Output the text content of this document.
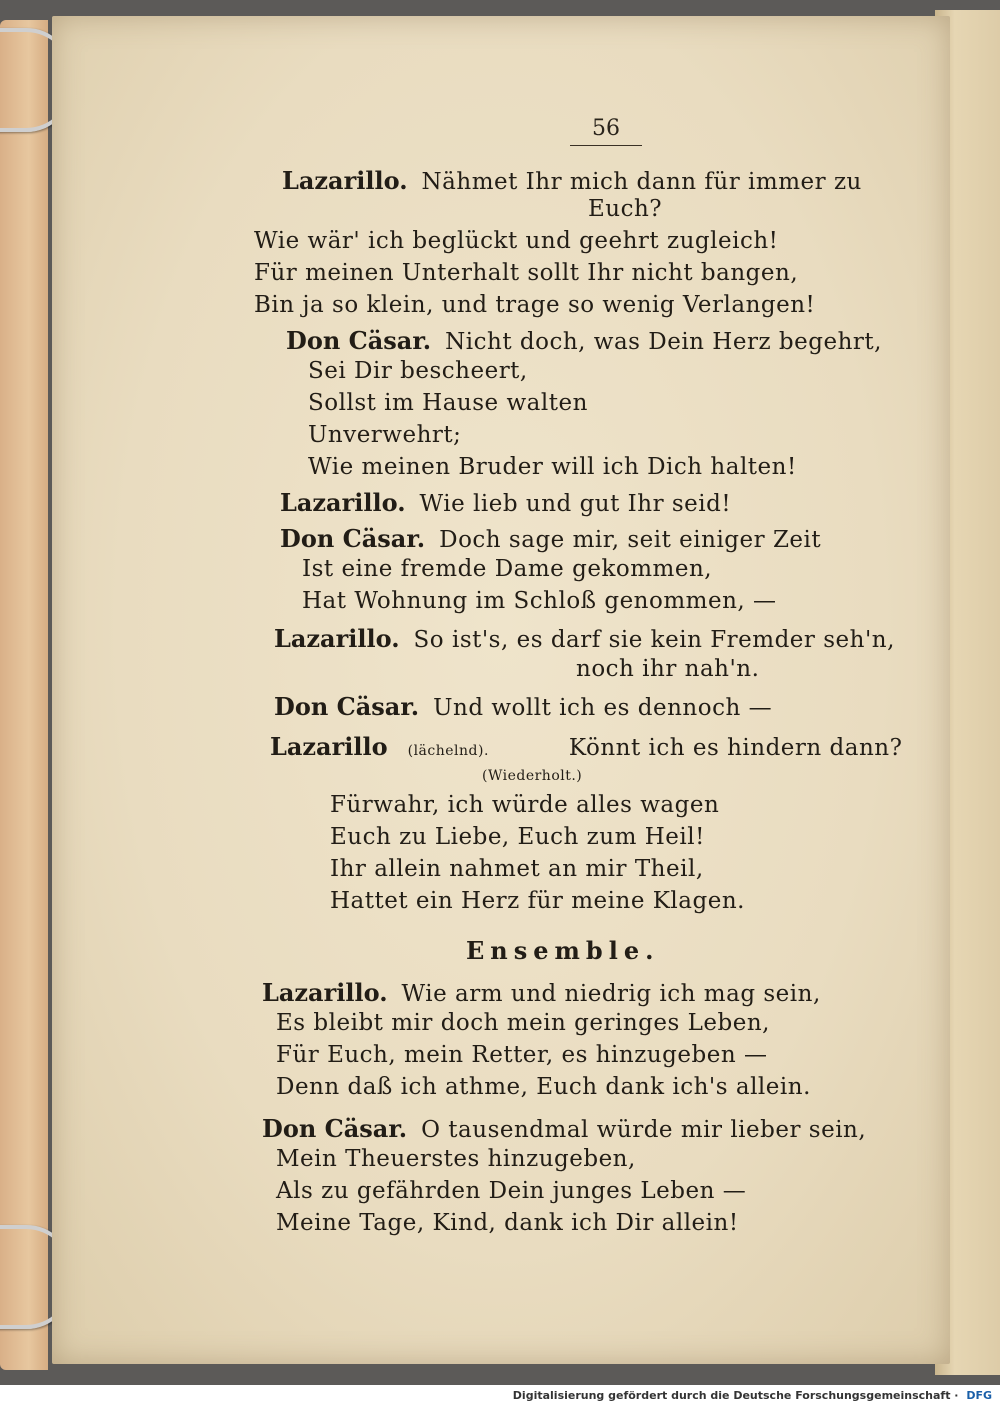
56
Lazarillo. Nähmet Ihr mich dann für immer zu
Euch?
Wie wär' ich beglückt und geehrt zugleich!
Für meinen Unterhalt sollt Ihr nicht bangen,
Bin ja so klein, und trage so wenig Verlangen!
Don Cäsar. Nicht doch, was Dein Herz begehrt,
Sei Dir bescheert,
Sollst im Hause walten
Unverwehrt;
Wie meinen Bruder will ich Dich halten!
Lazarillo. Wie lieb und gut Ihr seid!
Don Cäsar. Doch sage mir, seit einiger Zeit
Ist eine fremde Dame gekommen,
Hat Wohnung im Schloß genommen, —
Lazarillo. So ist's, es darf sie kein Fremder seh'n,
noch ihr nah'n.
Don Cäsar. Und wollt ich es dennoch —
Lazarillo (lächelnd).	Könnt ich es hindern dann?
(Wiederholt.)
Fürwahr, ich würde alles wagen
Euch zu Liebe, Euch zum Heil!
Ihr allein nahmet an mir Theil,
Hattet ein Herz für meine Klagen.
Ensemble.
Lazarillo. Wie arm und niedrig ich mag sein,
Es bleibt mir doch mein geringes Leben,
Für Euch, mein Retter, es hinzugeben —
Denn daß ich athme, Euch dank ich's allein.
Don Cäsar. O tausendmal würde mir lieber sein,
Mein Theuerstes hinzugeben,
Als zu gefährden Dein junges Leben —
Meine Tage, Kind, dank ich Dir allein!
Digitalisierung gefördert durch die Deutsche Forschungsgemeinschaft · DFG
